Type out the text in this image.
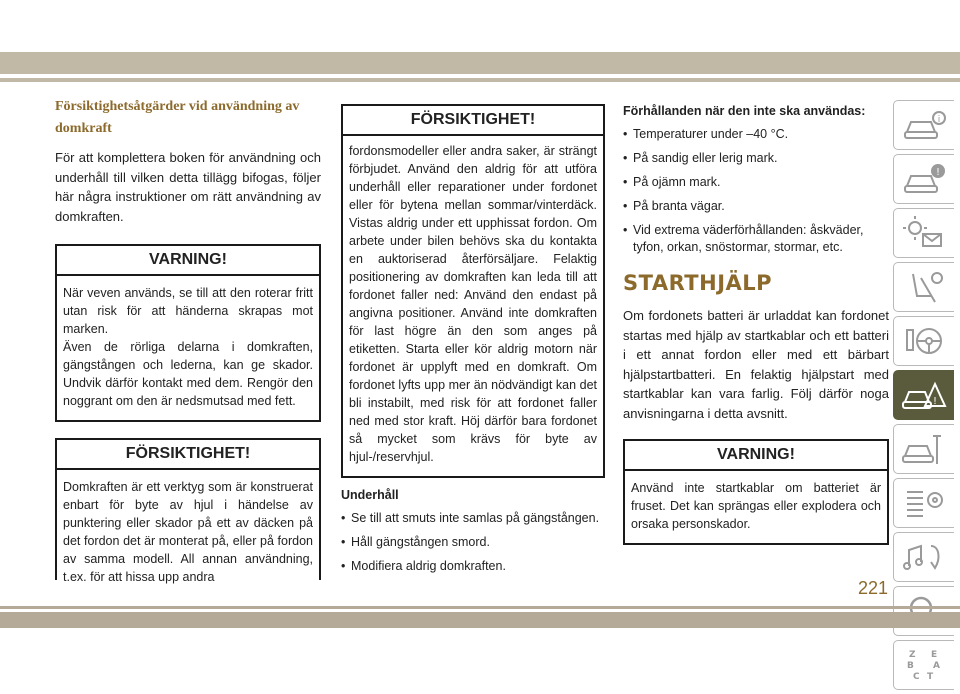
Försiktighetsåtgärder vid användning av
domkraft

För att komplettera boken för användning och underhåll till vilken detta tillägg bifogas, följer här några instruktioner om rätt användning av domkraften.

VARNING!

När veven används, se till att den roterar fritt utan risk för att händerna skrapas mot marken.

Även de rörliga delarna i domkraften, gängstången och lederna, kan ge skador. Undvik därför kontakt med dem. Rengör den noggrant om den är nedsmutsad med fett.

FÖRSIKTIGHET!
Domkraften är ett verktyg som är konstruerat enbart för byte av hjul i händelse av punktering eller skador på ett av däcken på det fordon det är monterat på, eller på fordon av samma modell. All annan användning, t.ex. för att hissa upp andra
FÖRSIKTIGHET!
fordonsmodeller eller andra saker, är strängt förbjudet. Använd den aldrig för att utföra underhåll eller reparationer under fordonet eller för bytena mellan sommar/vinterdäck. Vistas aldrig under ett upphissat fordon. Om arbete under bilen behövs ska du kontakta en auktoriserad återförsäljare. Felaktig positionering av domkraften kan leda till att fordonet faller ned: Använd den endast på angivna positioner. Använd inte domkraften för last högre än den som anges på etiketten. Starta eller kör aldrig motorn när fordonet är upplyft med en domkraft. Om fordonet lyfts upp mer än nödvändigt kan det bli instabilt, med risk för att fordonet faller ned med stor kraft. Höj därför bara fordonet så mycket som krävs för byte av hjul-/reservhjul.
Underhåll
• Se till att smuts inte samlas på gängstången.
• Håll gängstången smord.
• Modifiera aldrig domkraften.
Förhållanden när den inte ska användas:
• Temperaturer under –40 °C.
• På sandig eller lerig mark.
• På ojämn mark.
• På branta vägar.
• Vid extrema väderförhållanden: åskväder, tyfon, orkan, snöstormar, stormar, etc.
STARTHJÄLP

Om fordonets batteri är urladdat kan fordonet startas med hjälp av startkablar och ett batteri i ett annat fordon eller med ett bärbart hjälpstartbatteri. En felaktig hjälpstart med startkablar kan vara farlig. Följ därför noga anvisningarna i detta avsnitt.

VARNING!
Använd inte startkablar om batteriet är fruset. Det kan sprängas eller explodera och orsaka personskador.
i
!
!
Z E
B A
C T
221
